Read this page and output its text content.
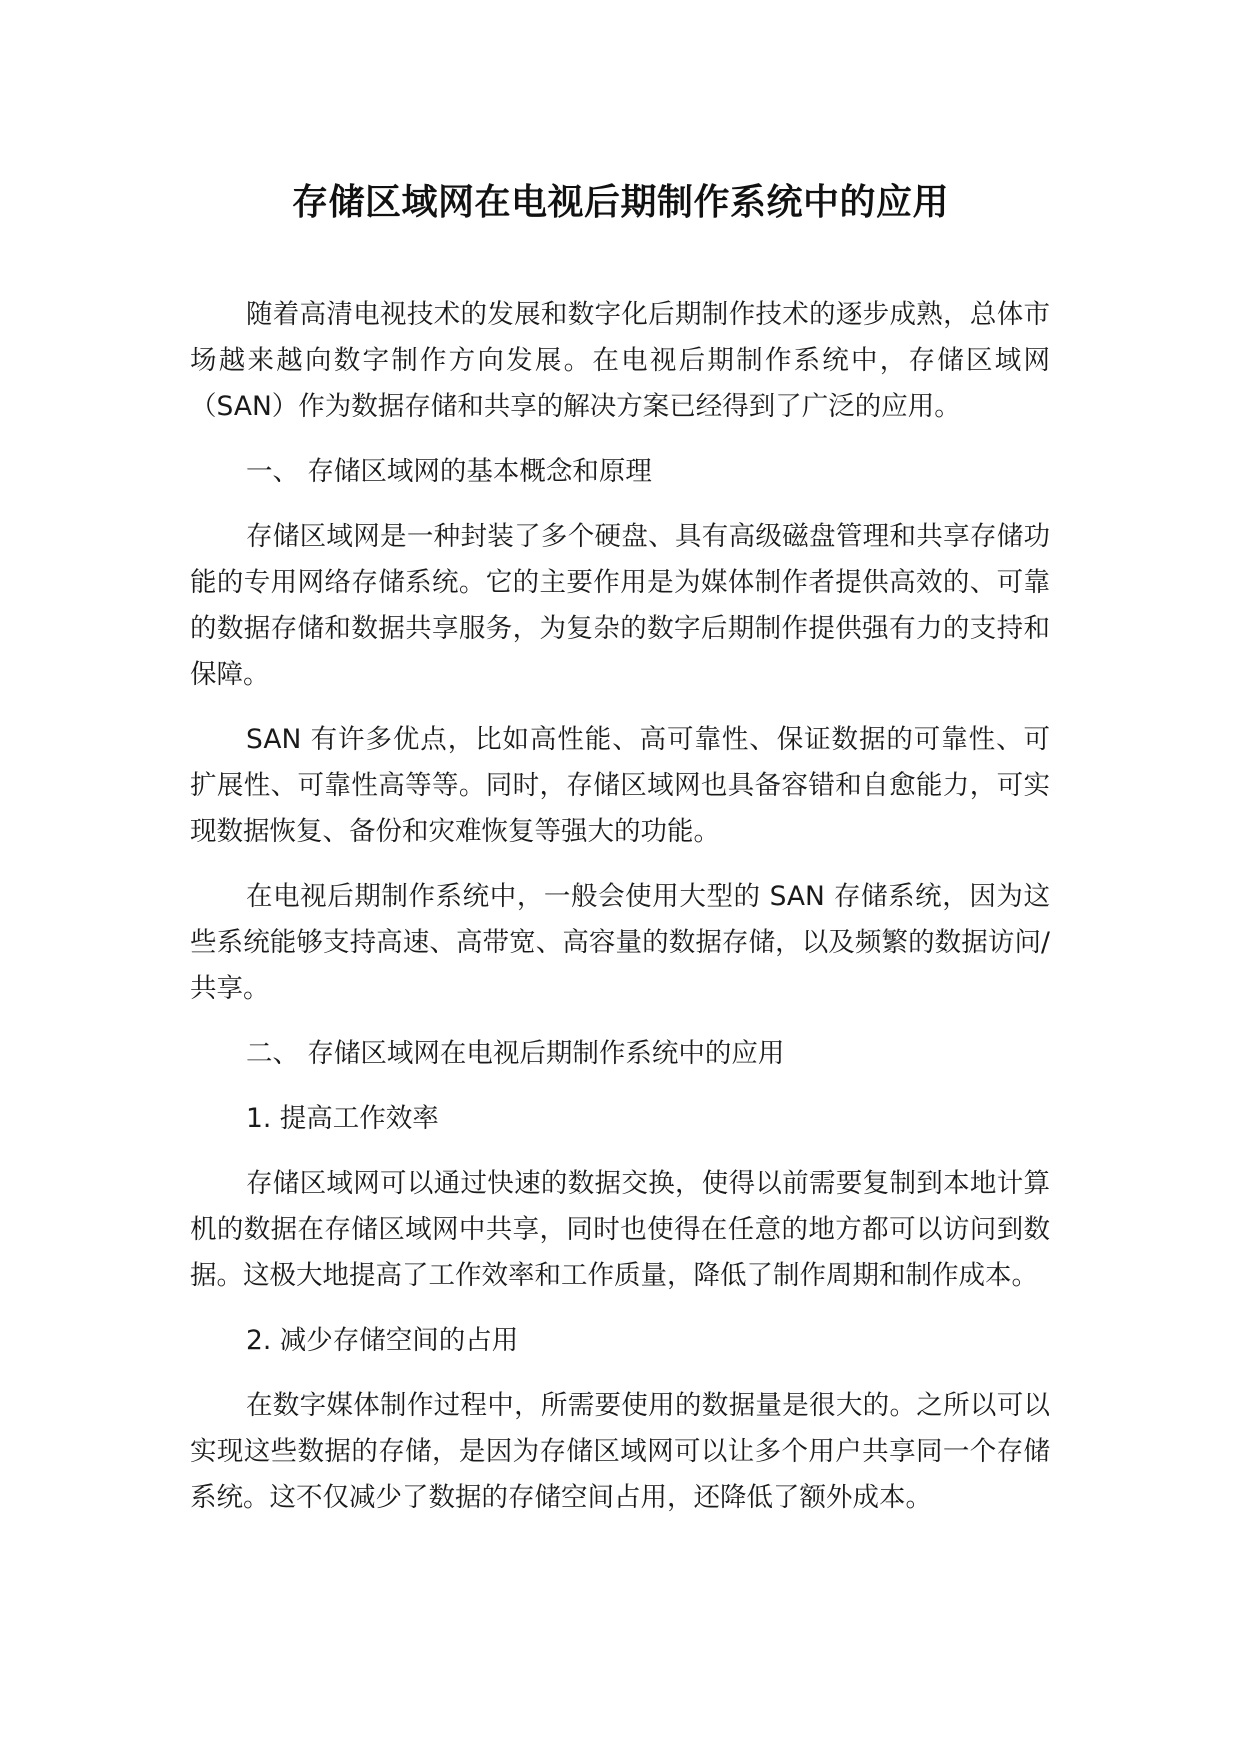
存储区域网在电视后期制作系统中的应用

随着高清电视技术的发展和数字化后期制作技术的逐步成熟，总体市场越来越向数字制作方向发展。在电视后期制作系统中，存储区域网（SAN）作为数据存储和共享的解决方案已经得到了广泛的应用。

一、 存储区域网的基本概念和原理

存储区域网是一种封装了多个硬盘、具有高级磁盘管理和共享存储功能的专用网络存储系统。它的主要作用是为媒体制作者提供高效的、可靠的数据存储和数据共享服务，为复杂的数字后期制作提供强有力的支持和保障。

SAN 有许多优点，比如高性能、高可靠性、保证数据的可靠性、可扩展性、可靠性高等等。同时，存储区域网也具备容错和自愈能力，可实现数据恢复、备份和灾难恢复等强大的功能。

在电视后期制作系统中，一般会使用大型的 SAN 存储系统，因为这些系统能够支持高速、高带宽、高容量的数据存储，以及频繁的数据访问/共享。

二、 存储区域网在电视后期制作系统中的应用

1. 提高工作效率

存储区域网可以通过快速的数据交换，使得以前需要复制到本地计算机的数据在存储区域网中共享，同时也使得在任意的地方都可以访问到数据。这极大地提高了工作效率和工作质量，降低了制作周期和制作成本。

2. 减少存储空间的占用

在数字媒体制作过程中，所需要使用的数据量是很大的。之所以可以实现这些数据的存储，是因为存储区域网可以让多个用户共享同一个存储系统。这不仅减少了数据的存储空间占用，还降低了额外成本。
